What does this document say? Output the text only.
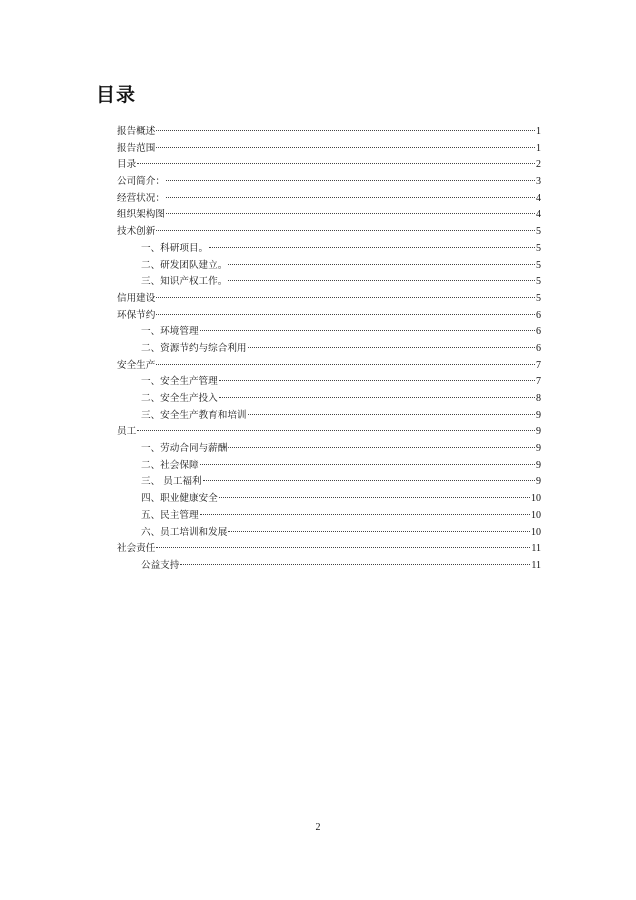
目录
报告概述	1
报告范围	1
目录	2
公司简介：	3
经营状况：	4
组织架构图	4
技术创新	5
一、科研项目。	5
二、研发团队建立。	5
三、知识产权工作。	5
信用建设	5
环保节约	6
一、环境管理	6
二、资源节约与综合利用	6
安全生产	7
一、安全生产管理	7
二、安全生产投入	8
三、安全生产教育和培训	9
员工	9
一、劳动合同与薪酬	9
二、社会保障	9
三、 员工福利	9
四、职业健康安全	10
五、民主管理	10
六、员工培训和发展	10
社会责任	11
公益支持	11
2
